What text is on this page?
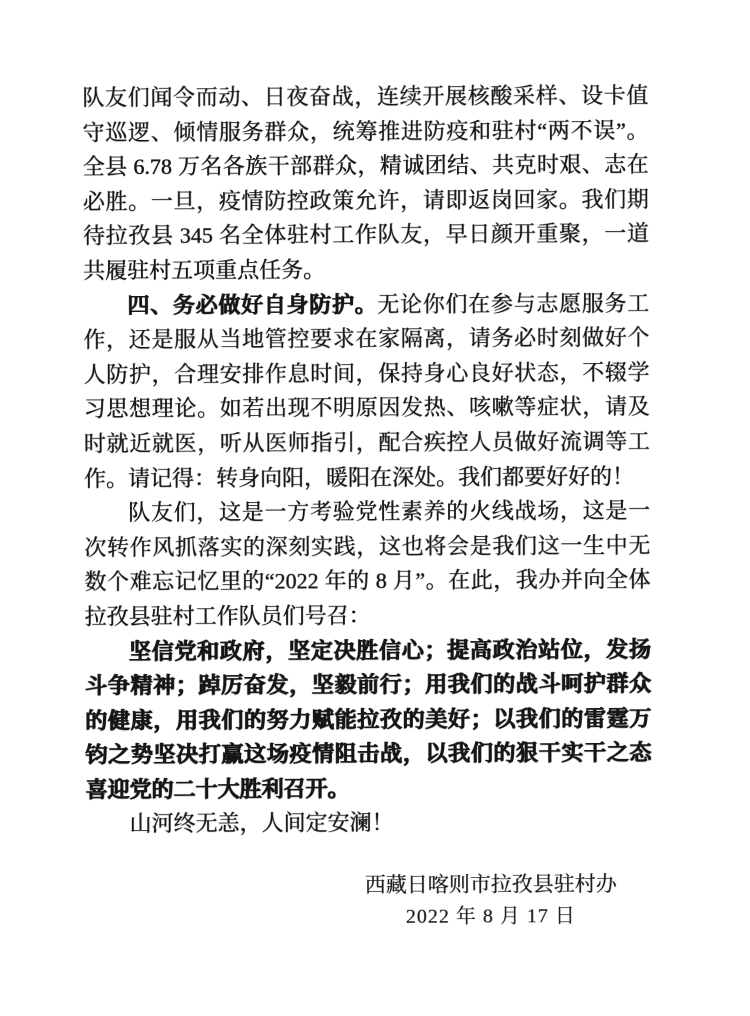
队友们闻令而动、日夜奋战，连续开展核酸采样、设卡值守巡逻、倾情服务群众，统筹推进防疫和驻村“两不误”。全县 6.78 万名各族干部群众，精诚团结、共克时艰、志在必胜。一旦，疫情防控政策允许，请即返岗回家。我们期待拉孜县 345 名全体驻村工作队友，早日颜开重聚，一道共履驻村五项重点任务。

四、务必做好自身防护。无论你们在参与志愿服务工作，还是服从当地管控要求在家隔离，请务必时刻做好个人防护，合理安排作息时间，保持身心良好状态，不辍学习思想理论。如若出现不明原因发热、咳嗽等症状，请及时就近就医，听从医师指引，配合疾控人员做好流调等工作。请记得：转身向阳，暖阳在深处。我们都要好好的！

队友们，这是一方考验党性素养的火线战场，这是一次转作风抓落实的深刻实践，这也将会是我们这一生中无数个难忘记忆里的“2022 年的 8 月”。在此，我办并向全体拉孜县驻村工作队员们号召：

坚信党和政府，坚定决胜信心；提高政治站位，发扬斗争精神；踔厉奋发，坚毅前行；用我们的战斗呵护群众的健康，用我们的努力赋能拉孜的美好；以我们的雷霆万钧之势坚决打赢这场疫情阻击战，以我们的狠干实干之态喜迎党的二十大胜利召开。

山河终无恙，人间定安澜！

西藏日喀则市拉孜县驻村办
2022 年 8 月 17 日
